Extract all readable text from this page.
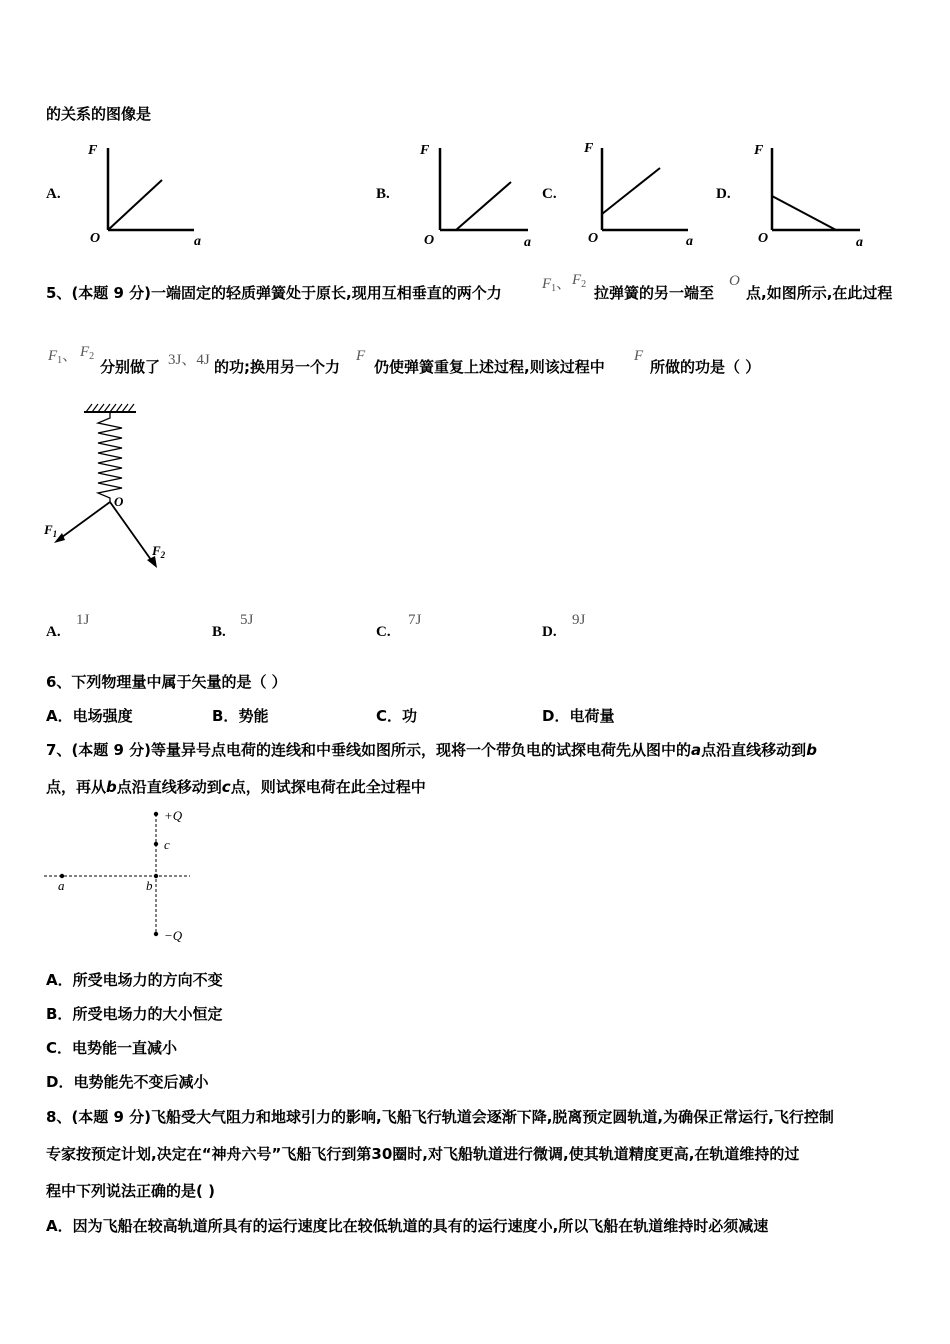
的关系的图像是
A.
F
O	a
B.
F
O	a
C.
F
O	a
D.
F
O	a
5、(本题 9 分)一端固定的轻质弹簧处于原长,现用互相垂直的两个力	$F_1$、 $F_2$ 拉弹簧的另一端至
O
点,如图所示,在此过程
$F_1$、 $F_2$
分别做了 3J、4J 的功;换用另一个力
F
仍使弹簧重复上述过程,则该过程中
F
所做的功是（ ）
O
$F_1$
$F_2$
A.
1J
B.
5J
C.
7J
D.
9J
6、下列物理量中属于矢量的是（ ）
A．电场强度	B．势能	C．功	D．电荷量
7、(本题 9 分)等量异号点电荷的连线和中垂线如图所示，现将一个带负电的试探电荷先从图中的a点沿直线移动到b
点，再从b点沿直线移动到c点，则试探电荷在此全过程中
+Q
c
b
a
−Q
A．所受电场力的方向不变
B．所受电场力的大小恒定
C．电势能一直减小
D．电势能先不变后减小
8、(本题 9 分)飞船受大气阻力和地球引力的影响,飞船飞行轨道会逐渐下降,脱离预定圆轨道,为确保正常运行,飞行控制
专家按预定计划,决定在“神舟六号”飞船飞行到第30圈时,对飞船轨道进行微调,使其轨道精度更高,在轨道维持的过
程中下列说法正确的是( )
A．因为飞船在较高轨道所具有的运行速度比在较低轨道的具有的运行速度小,所以飞船在轨道维持时必须减速
